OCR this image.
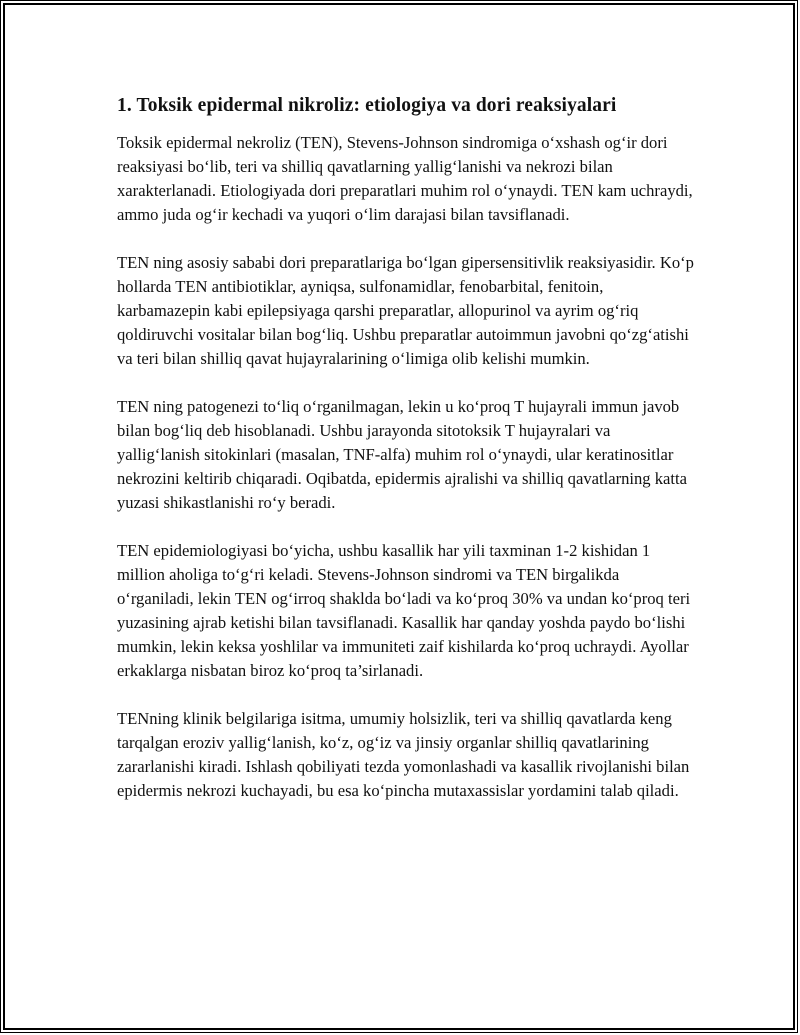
1. Toksik epidermal nikroliz: etiologiya va dori reaksiyalari

Toksik epidermal nekroliz (TEN), Stevens-Johnson sindromiga o‘xshash og‘ir dori reaksiyasi bo‘lib, teri va shilliq qavatlarning yallig‘lanishi va nekrozi bilan xarakterlanadi. Etiologiyada dori preparatlari muhim rol o‘ynaydi. TEN kam uchraydi, ammo juda og‘ir kechadi va yuqori o‘lim darajasi bilan tavsiflanadi.

TEN ning asosiy sababi dori preparatlariga bo‘lgan gipersensitivlik reaksiyasidir. Ko‘p hollarda TEN antibiotiklar, ayniqsa, sulfonamidlar, fenobarbital, fenitoin, karbamazepin kabi epilepsiyaga qarshi preparatlar, allopurinol va ayrim og‘riq qoldiruvchi vositalar bilan bog‘liq. Ushbu preparatlar autoimmun javobni qo‘zg‘atishi va teri bilan shilliq qavat hujayralarining o‘limiga olib kelishi mumkin.

TEN ning patogenezi to‘liq o‘rganilmagan, lekin u ko‘proq T hujayrali immun javob bilan bog‘liq deb hisoblanadi. Ushbu jarayonda sitotoksik T hujayralari va yallig‘lanish sitokinlari (masalan, TNF-alfa) muhim rol o‘ynaydi, ular keratinositlar nekrozini keltirib chiqaradi. Oqibatda, epidermis ajralishi va shilliq qavatlarning katta yuzasi shikastlanishi ro‘y beradi.

TEN epidemiologiyasi bo‘yicha, ushbu kasallik har yili taxminan 1-2 kishidan 1 million aholiga to‘g‘ri keladi. Stevens-Johnson sindromi va TEN birgalikda o‘rganiladi, lekin TEN og‘irroq shaklda bo‘ladi va ko‘proq 30% va undan ko‘proq teri yuzasining ajrab ketishi bilan tavsiflanadi. Kasallik har qanday yoshda paydo bo‘lishi mumkin, lekin keksa yoshlilar va immuniteti zaif kishilarda ko‘proq uchraydi. Ayollar erkaklarga nisbatan biroz ko‘proq ta’sirlanadi.

TENning klinik belgilariga isitma, umumiy holsizlik, teri va shilliq qavatlarda keng tarqalgan eroziv yallig‘lanish, ko‘z, og‘iz va jinsiy organlar shilliq qavatlarining zararlanishi kiradi. Ishlash qobiliyati tezda yomonlashadi va kasallik rivojlanishi bilan epidermis nekrozi kuchayadi, bu esa ko‘pincha mutaxassislar yordamini talab qiladi.
